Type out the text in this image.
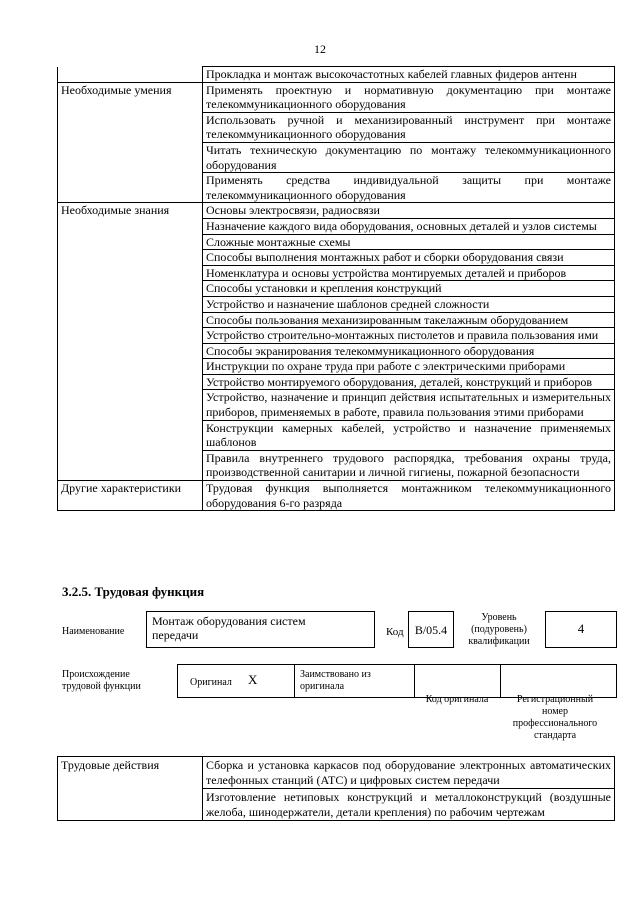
12
	Прокладка и монтаж высокочастотных кабелей главных фидеров антенн
Необходимые умения	Применять проектную и нормативную документацию при монтаже телекоммуникационного оборудования
	Использовать ручной и механизированный инструмент при монтаже телекоммуникационного оборудования
	Читать техническую документацию по монтажу телекоммуникационного оборудования
	Применять средства индивидуальной защиты при монтаже телекоммуникационного оборудования
Необходимые знания	Основы электросвязи, радиосвязи
	Назначение каждого вида оборудования, основных деталей и узлов системы
	Сложные монтажные схемы
	Способы выполнения монтажных работ и сборки оборудования связи
	Номенклатура и основы устройства монтируемых деталей и приборов
	Способы установки и крепления конструкций
	Устройство и назначение шаблонов средней сложности
	Способы пользования механизированным такелажным оборудованием
	Устройство строительно-монтажных пистолетов и правила пользования ими
	Способы экранирования телекоммуникационного оборудования
	Инструкции по охране труда при работе с электрическими приборами
	Устройство монтируемого оборудования, деталей, конструкций и приборов
	Устройство, назначение и принцип действия испытательных и измерительных приборов, применяемых в работе, правила пользования этими приборами
	Конструкции камерных кабелей, устройство и назначение применяемых шаблонов
	Правила внутреннего трудового распорядка, требования охраны труда, производственной санитарии и личной гигиены, пожарной безопасности
Другие характеристики	Трудовая функция выполняется монтажником телекоммуникационного оборудования 6-го разряда
3.2.5. Трудовая функция
Наименование
Монтаж оборудования систем передачи	Код B/05.4
Уровень (подуровень) квалификации
4
Происхождение трудовой функции	Оригинал X	Заимствовано из оригинала
Код оригинала	Регистрационный номер профессионального стандарта
Трудовые действия	Сборка и установка каркасов под оборудование электронных автоматических телефонных станций (АТС) и цифровых систем передачи
Изготовление нетиповых конструкций и металлоконструкций (воздушные желоба, шинодержатели, детали крепления) по рабочим чертежам
